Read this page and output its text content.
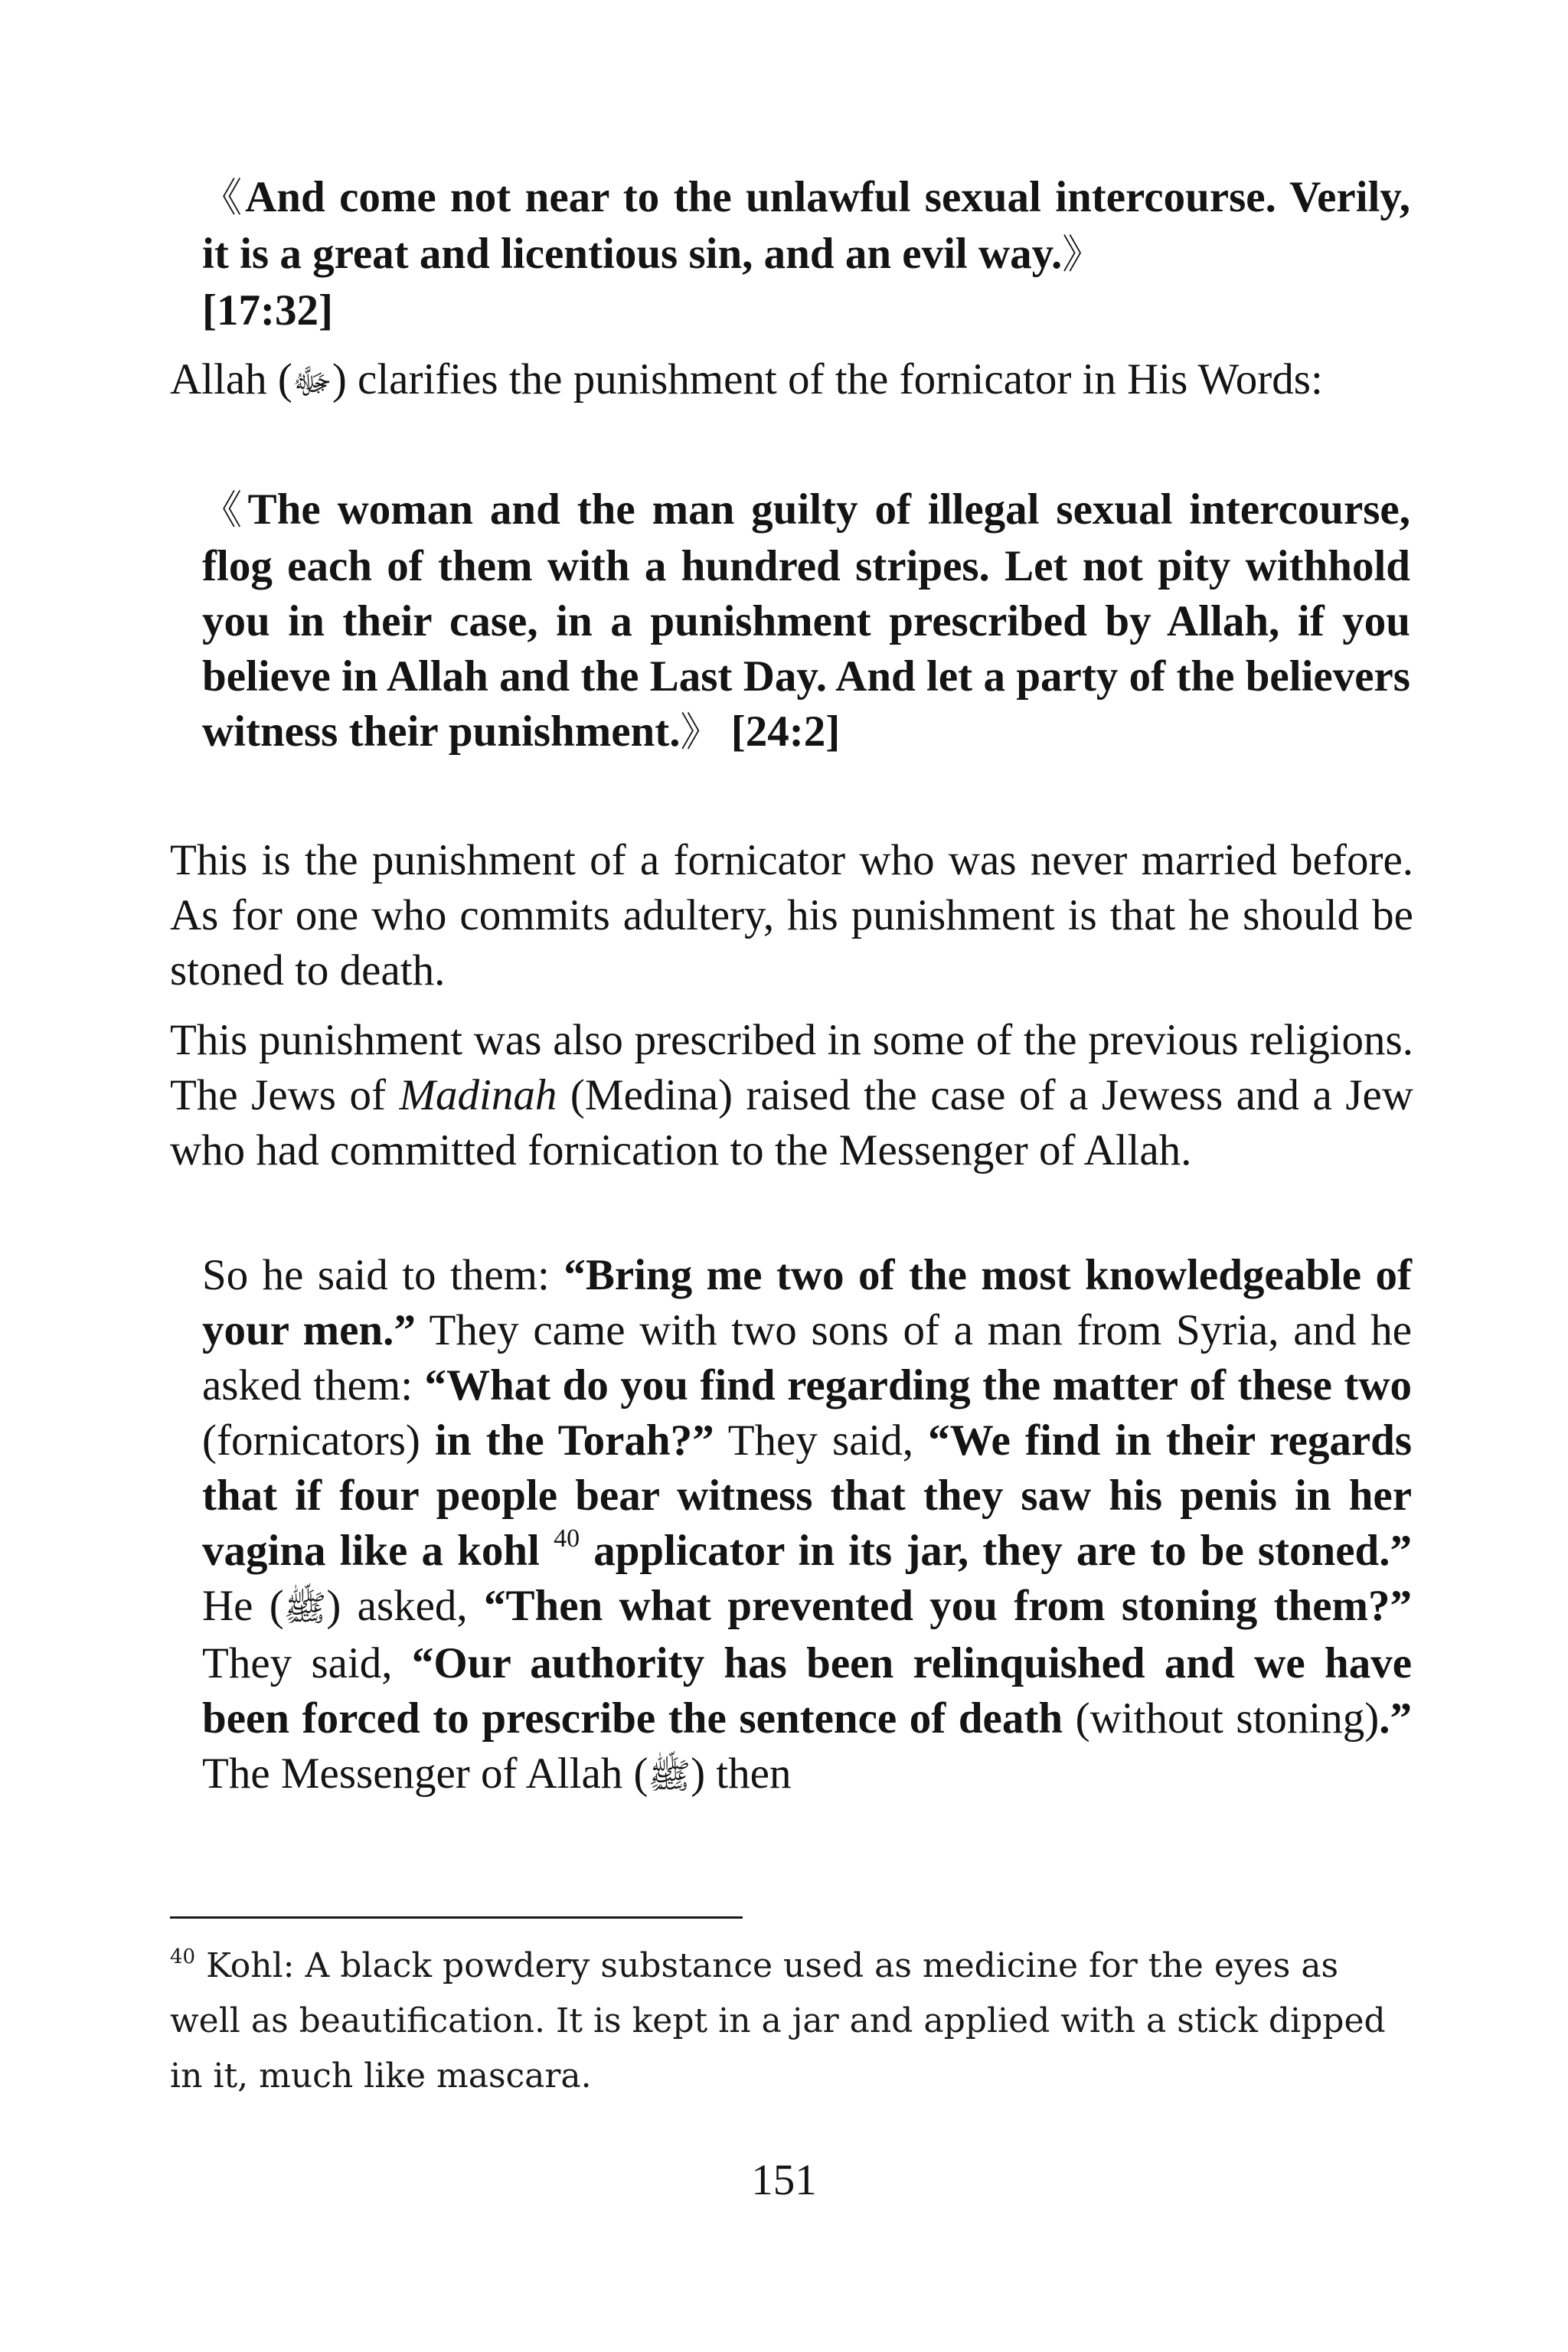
《And come not near to the unlawful sexual intercourse. Verily, it is a great and licentious sin, and an evil way.》
[17:32]

Allah (ﷻ) clarifies the punishment of the fornicator in His Words:

《The woman and the man guilty of illegal sexual intercourse, flog each of them with a hundred stripes. Let not pity withhold you in their case, in a punishment prescribed by Allah, if you believe in Allah and the Last Day. And let a party of the believers witness their punishment.》 [24:2]

This is the punishment of a fornicator who was never married before. As for one who commits adultery, his punishment is that he should be stoned to death.

This punishment was also prescribed in some of the previous religions. The Jews of Madinah (Medina) raised the case of a Jewess and a Jew who had committed fornication to the Messenger of Allah.

So he said to them: “Bring me two of the most knowledgeable of your men.” They came with two sons of a man from Syria, and he asked them: “What do you find regarding the matter of these two (fornicators) in the Torah?” They said, “We find in their regards that if four people bear witness that they saw his penis in her vagina like a kohl $^{40}$ applicator in its jar, they are to be stoned.” He (ﷺ) asked, “Then what prevented you from stoning them?” They said, “Our authority has been relinquished and we have been forced to prescribe the sentence of death (without stoning).” The Messenger of Allah (ﷺ) then

$^{40}$ Kohl: A black powdery substance used as medicine for the eyes as well as beautification. It is kept in a jar and applied with a stick dipped in it, much like mascara.

151
